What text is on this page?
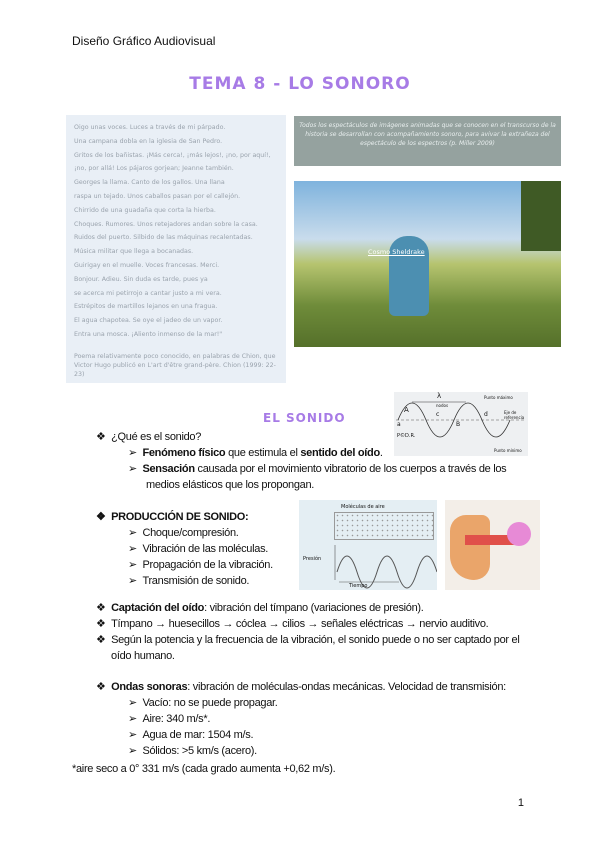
Diseño Gráfico Audiovisual
TEMA 8 - LO SONORO
Oigo unas voces. Luces a través de mi párpado.
Una campana dobla en la iglesia de San Pedro.
Gritos de los bañistas. ¡Más cerca!, ¡más lejos!, ¡no, por aquí!,
¡no, por allá! Los pájaros gorjean; Jeanne también.
Georges la llama. Canto de los gallos. Una llana
raspa un tejado. Unos caballos pasan por el callejón.
Chirrido de una guadaña que corta la hierba.
Choques. Rumores. Unos retejadores andan sobre la casa.
Ruidos del puerto. Silbido de las máquinas recalentadas.
Música militar que llega a bocanadas.
Guirigay en el muelle. Voces francesas. Merci.
Bonjour. Adieu. Sin duda es tarde, pues ya
se acerca mi petirrojo a cantar justo a mi vera.
Estrépitos de martillos lejanos en una fragua.
El agua chapotea. Se oye el jadeo de un vapor.
Entra una mosca. ¡Aliento inmenso de la mar!"
Poema relativamente poco conocido, en palabras de Chion, que Victor Hugo publicó en L'art d'être grand-père. Chion (1999: 22-23)
Todos los espectáculos de imágenes animadas que se conocen en el transcurso de la historia se desarrollan con acompañamiento sonoro, para avivar la extrañeza del espectáculo de los espectros (p. Miller 2009)
Cosmo Sheldrake
EL SONIDO
λ
A
a	B
c	d
nodos
Punto máximo
Eje de referencia
Punto mínimo
P©D.R.
❖  ¿Qué es el sonido?
➢  Fenómeno físico que estimula el sentido del oído.
➢  Sensación causada por el movimiento vibratorio de los cuerpos a través de los medios elásticos que los propongan.
❖  PRODUCCIÓN DE SONIDO:
➢  Choque/compresión.
➢  Vibración de las moléculas.
➢  Propagación de la vibración.
➢  Transmisión de sonido.
❖  Captación del oído: vibración del tímpano (variaciones de presión).
❖  Tímpano → huesecillos → cóclea → cilios → señales eléctricas → nervio auditivo.
❖  Según la potencia y la frecuencia de la vibración, el sonido puede o no ser captado por el oído humano.
❖  Ondas sonoras: vibración de moléculas-ondas mecánicas. Velocidad de transmisión:
➢  Vacío: no se puede propagar.
➢  Aire: 340 m/s*.
➢  Agua de mar: 1504 m/s.
➢  Sólidos: >5 km/s (acero).
*aire seco a 0° 331 m/s (cada grado aumenta +0,62 m/s).
Moléculas de aire
Presión
Tiempo
1
